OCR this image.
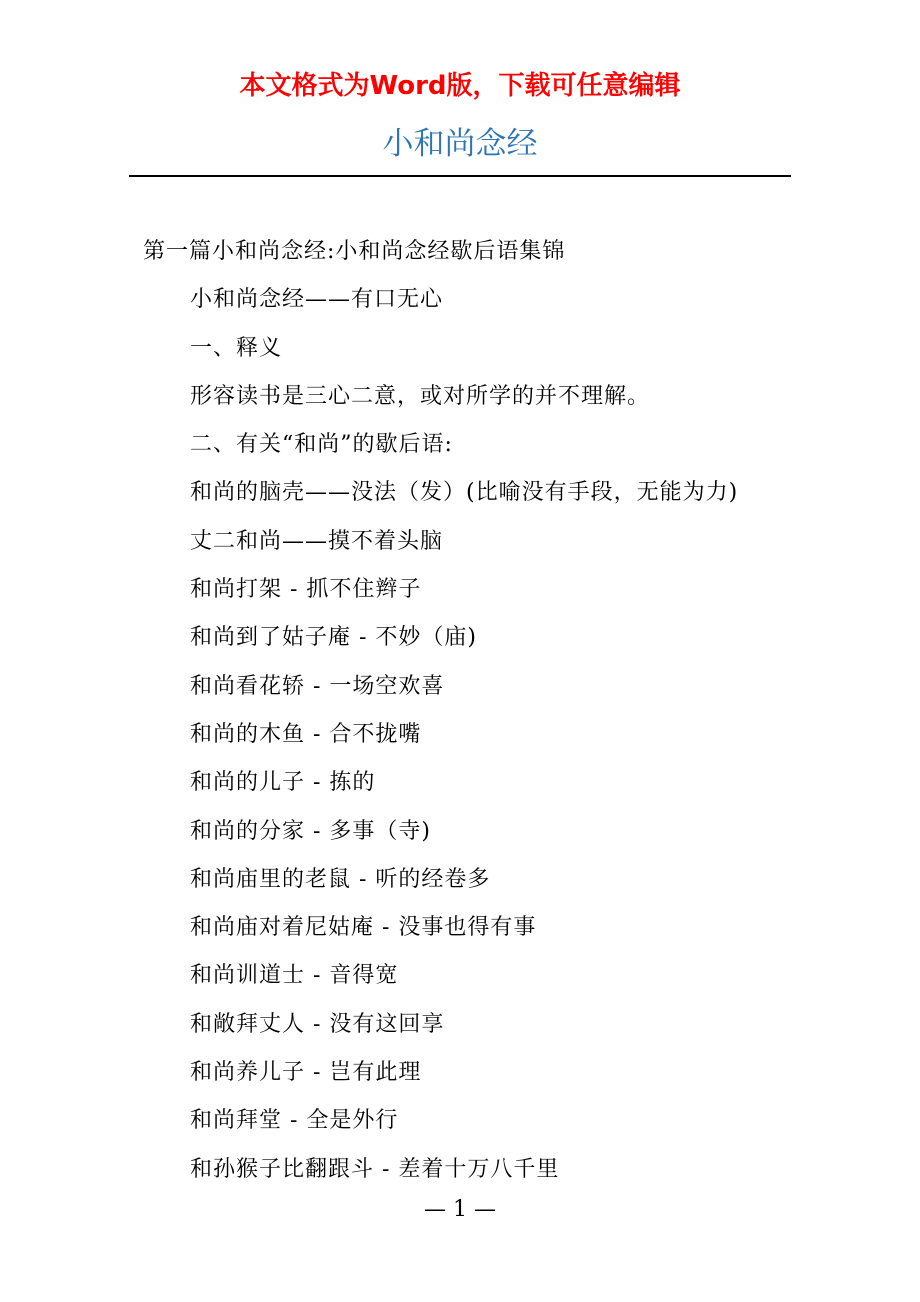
本文格式为Word版，下载可任意编辑
小和尚念经
第一篇小和尚念经:小和尚念经歇后语集锦
小和尚念经——有口无心
一、释义
形容读书是三心二意，或对所学的并不理解。
二、有关“和尚”的歇后语:
和尚的脑壳——没法（发）(比喻没有手段，无能为力)
丈二和尚——摸不着头脑
和尚打架 - 抓不住辫子
和尚到了姑子庵 - 不妙（庙)
和尚看花轿 - 一场空欢喜
和尚的木鱼 - 合不拢嘴
和尚的儿子 - 拣的
和尚的分家 - 多事（寺)
和尚庙里的老鼠 - 听的经卷多
和尚庙对着尼姑庵 - 没事也得有事
和尚训道士 - 音得宽
和敞拜丈人 - 没有这回享
和尚养儿子 - 岂有此理
和尚拜堂 - 全是外行
和孙猴子比翻跟斗 - 差着十万八千里
— 1 —
